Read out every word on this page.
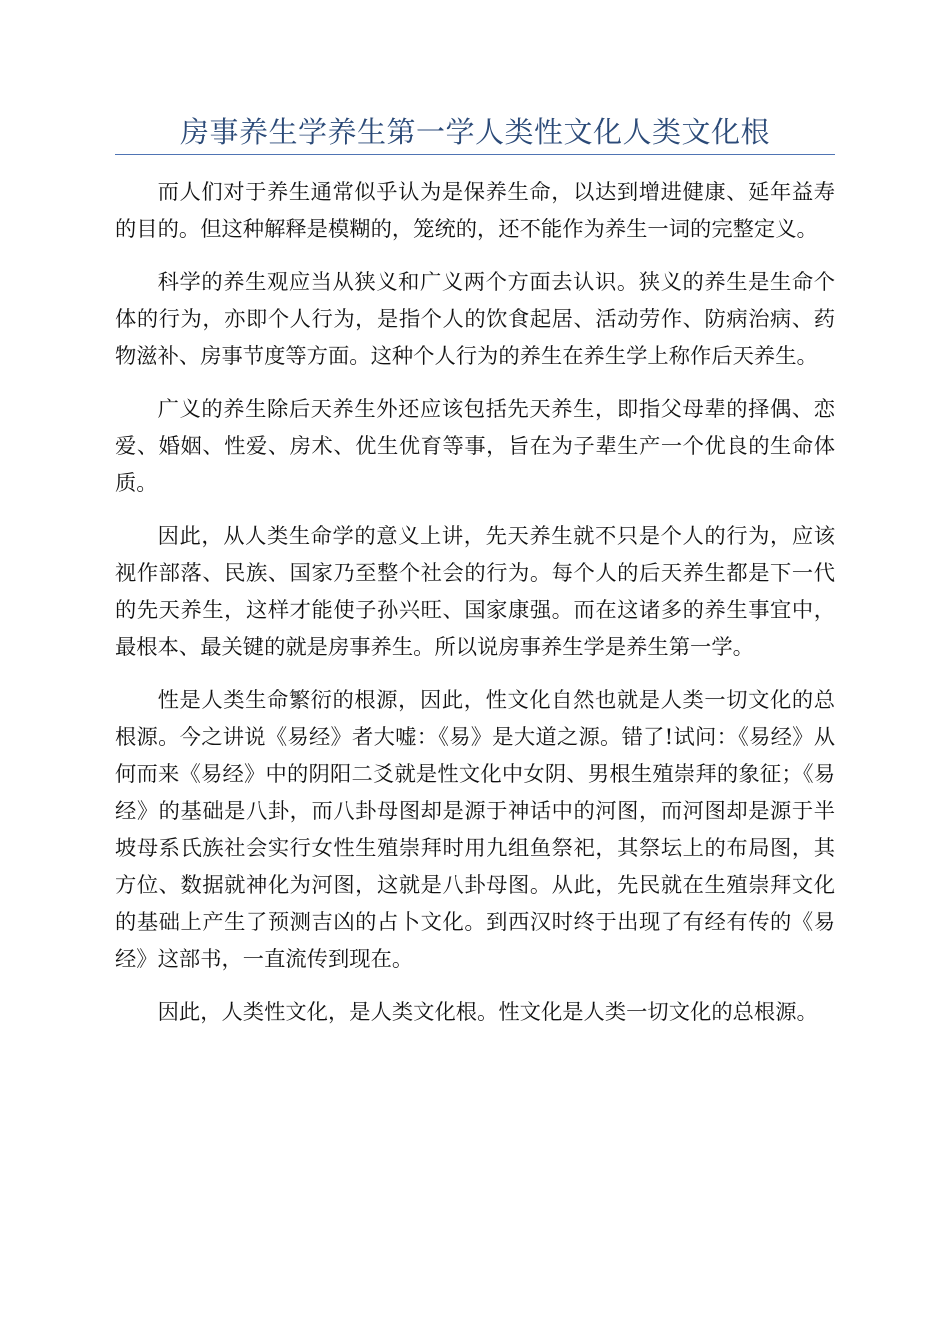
房事养生学养生第一学人类性文化人类文化根

而人们对于养生通常似乎认为是保养生命，以达到增进健康、延年益寿的目的。但这种解释是模糊的，笼统的，还不能作为养生一词的完整定义。

科学的养生观应当从狭义和广义两个方面去认识。狭义的养生是生命个体的行为，亦即个人行为，是指个人的饮食起居、活动劳作、防病治病、药物滋补、房事节度等方面。这种个人行为的养生在养生学上称作后天养生。

广义的养生除后天养生外还应该包括先天养生，即指父母辈的择偶、恋爱、婚姻、性爱、房术、优生优育等事，旨在为子辈生产一个优良的生命体质。

因此，从人类生命学的意义上讲，先天养生就不只是个人的行为，应该视作部落、民族、国家乃至整个社会的行为。每个人的后天养生都是下一代的先天养生，这样才能使子孙兴旺、国家康强。而在这诸多的养生事宜中，最根本、最关键的就是房事养生。所以说房事养生学是养生第一学。

性是人类生命繁衍的根源，因此，性文化自然也就是人类一切文化的总根源。今之讲说《易经》者大嘘：《易》是大道之源。错了!试问：《易经》从何而来《易经》中的阴阳二爻就是性文化中女阴、男根生殖崇拜的象征；《易经》的基础是八卦，而八卦母图却是源于神话中的河图，而河图却是源于半坡母系氏族社会实行女性生殖崇拜时用九组鱼祭祀，其祭坛上的布局图，其方位、数据就神化为河图，这就是八卦母图。从此，先民就在生殖崇拜文化的基础上产生了预测吉凶的占卜文化。到西汉时终于出现了有经有传的《易经》这部书，一直流传到现在。

因此，人类性文化，是人类文化根。性文化是人类一切文化的总根源。
